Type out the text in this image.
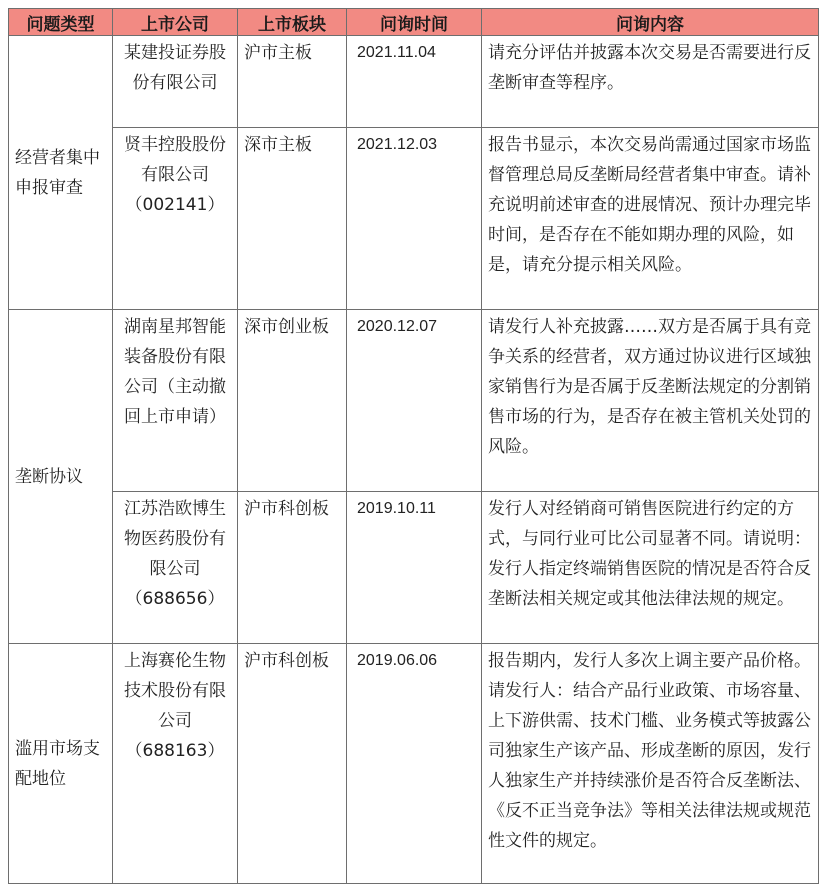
问题类型	上市公司	上市板块	问询时间	问询内容
经营者集中申报审查	某建投证券股份有限公司	沪市主板	2021.11.04	请充分评估并披露本次交易是否需要进行反垄断审查等程序。
	贤丰控股股份有限公司（002141）	深市主板	2021.12.03	报告书显示，本次交易尚需通过国家市场监督管理总局反垄断局经营者集中审查。请补充说明前述审查的进展情况、预计办理完毕时间，是否存在不能如期办理的风险，如是，请充分提示相关风险。
垄断协议	湖南星邦智能装备股份有限公司（主动撤回上市申请）	深市创业板	2020.12.07	请发行人补充披露……双方是否属于具有竞争关系的经营者，双方通过协议进行区域独家销售行为是否属于反垄断法规定的分割销售市场的行为，是否存在被主管机关处罚的风险。
	江苏浩欧博生物医药股份有限公司（688656）	沪市科创板	2019.10.11	发行人对经销商可销售医院进行约定的方式，与同行业可比公司显著不同。请说明：发行人指定终端销售医院的情况是否符合反垄断法相关规定或其他法律法规的规定。
滥用市场支配地位	上海赛伦生物技术股份有限公司（688163）	沪市科创板	2019.06.06	报告期内，发行人多次上调主要产品价格。请发行人：结合产品行业政策、市场容量、上下游供需、技术门槛、业务模式等披露公司独家生产该产品、形成垄断的原因，发行人独家生产并持续涨价是否符合反垄断法、《反不正当竞争法》等相关法律法规或规范性文件的规定。
